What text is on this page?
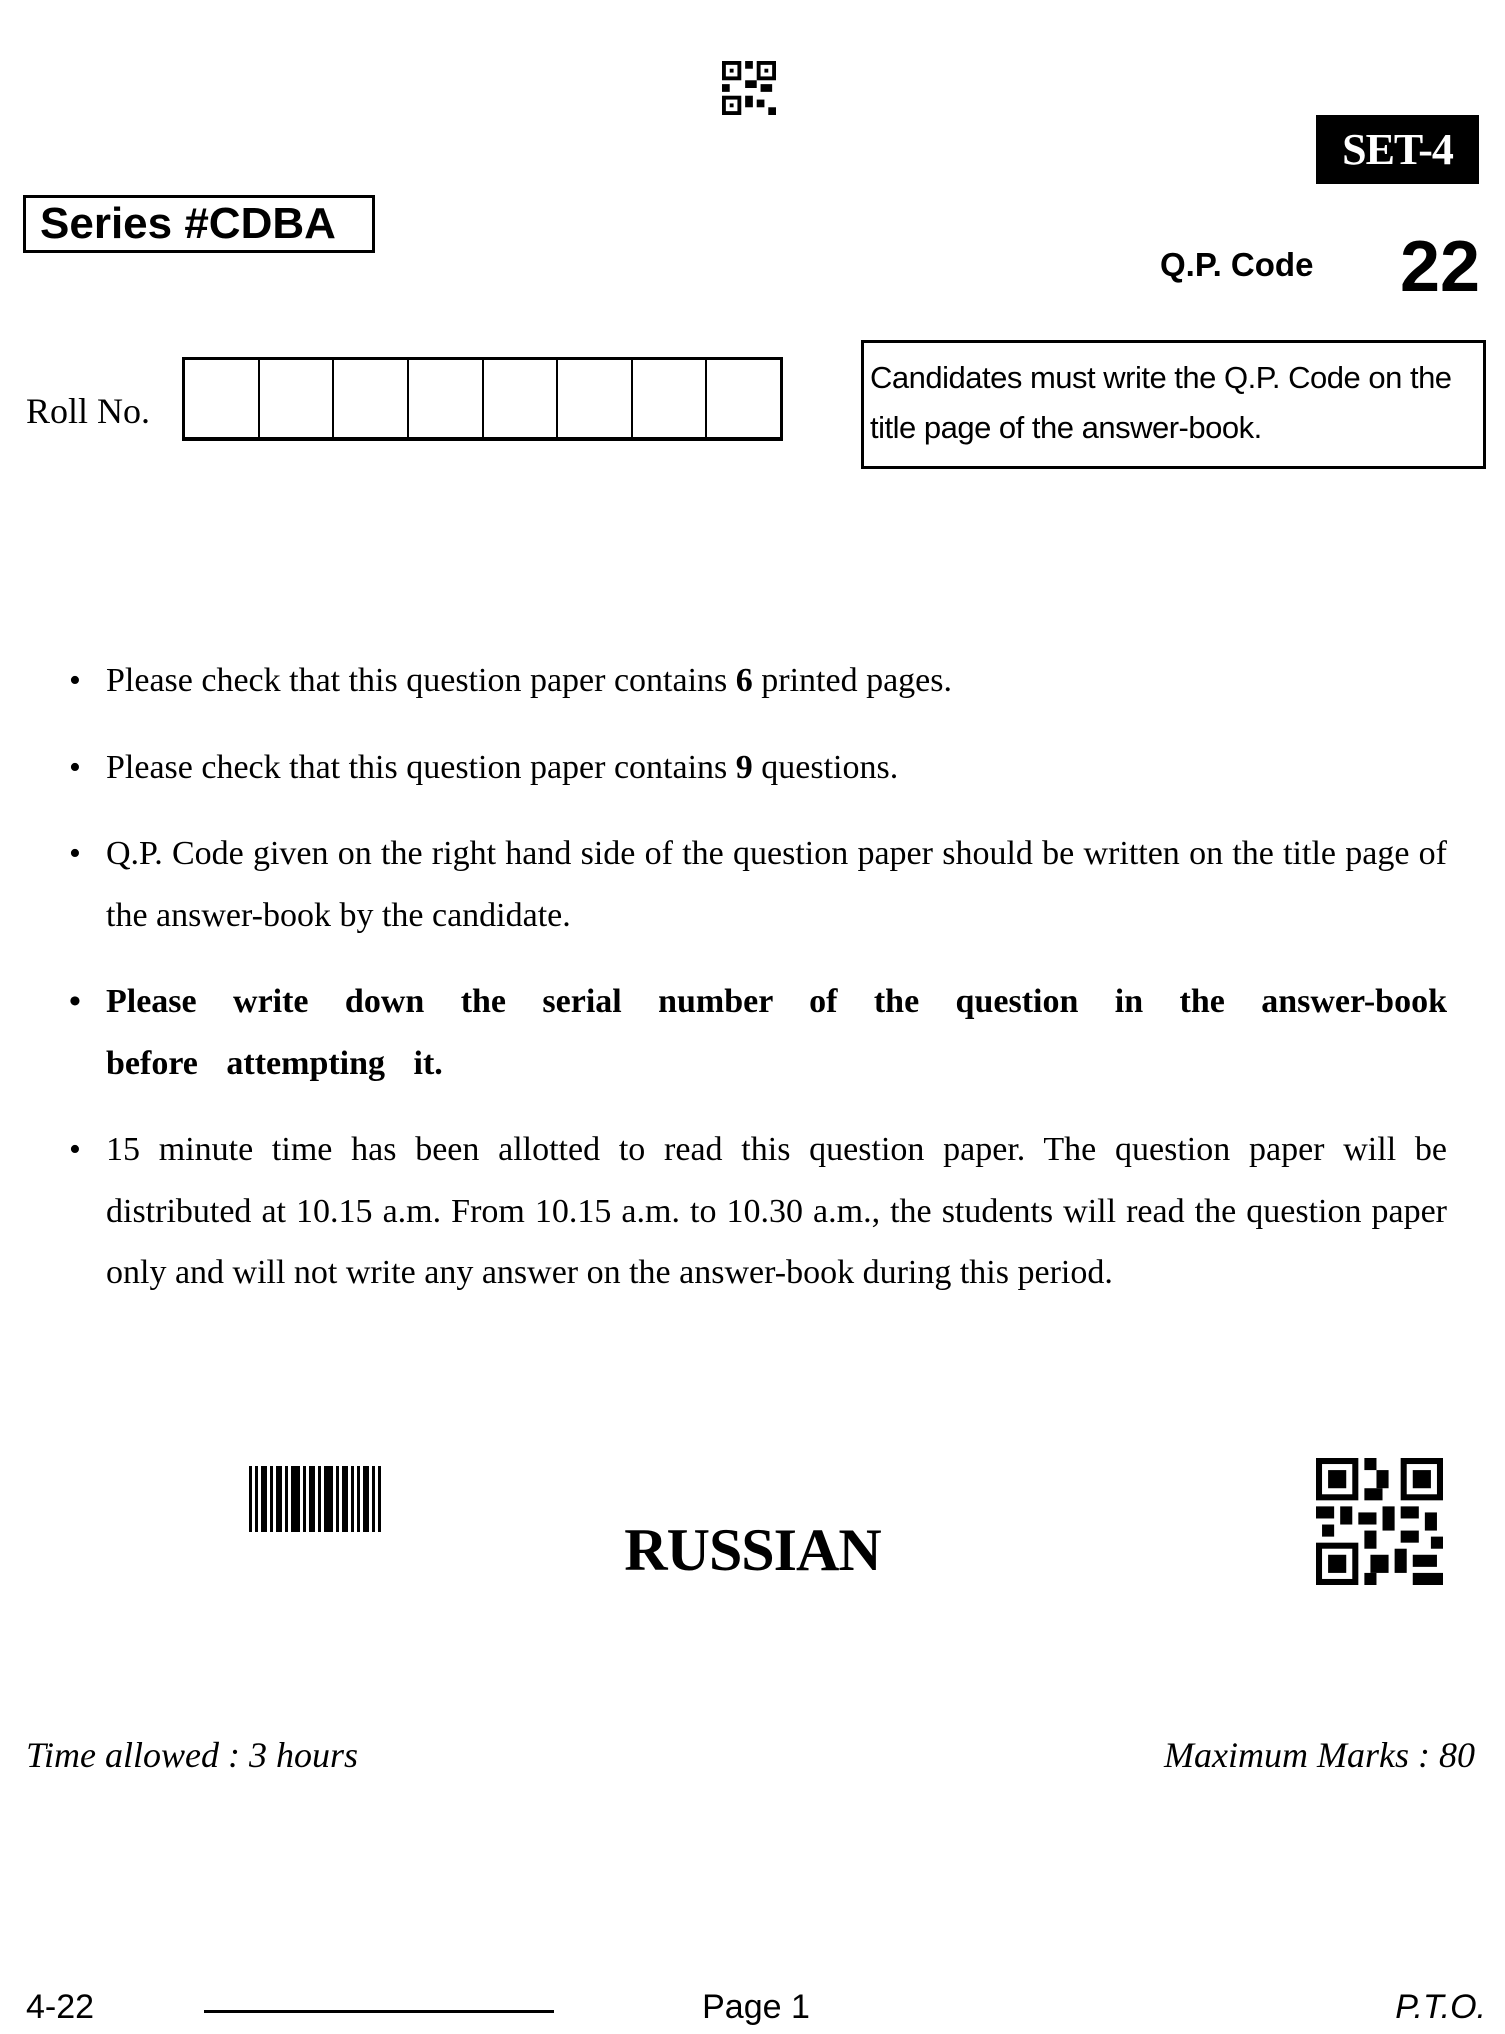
SET-4
Series #CDBA
Q.P. Code 22
Roll No.
Candidates must write the Q.P. Code on the title page of the answer-book.
• Please check that this question paper contains 6 printed pages.
• Please check that this question paper contains 9 questions.
• Q.P. Code given on the right hand side of the question paper should be written on the title page of the answer-book by the candidate.
• Please write down the serial number of the question in the answer-book before attempting it.
• 15 minute time has been allotted to read this question paper. The question paper will be distributed at 10.15 a.m. From 10.15 a.m. to 10.30 a.m., the students will read the question paper only and will not write any answer on the answer-book during this period.
RUSSIAN
Time allowed : 3 hours	Maximum Marks : 80
4-22	Page 1	P.T.O.
